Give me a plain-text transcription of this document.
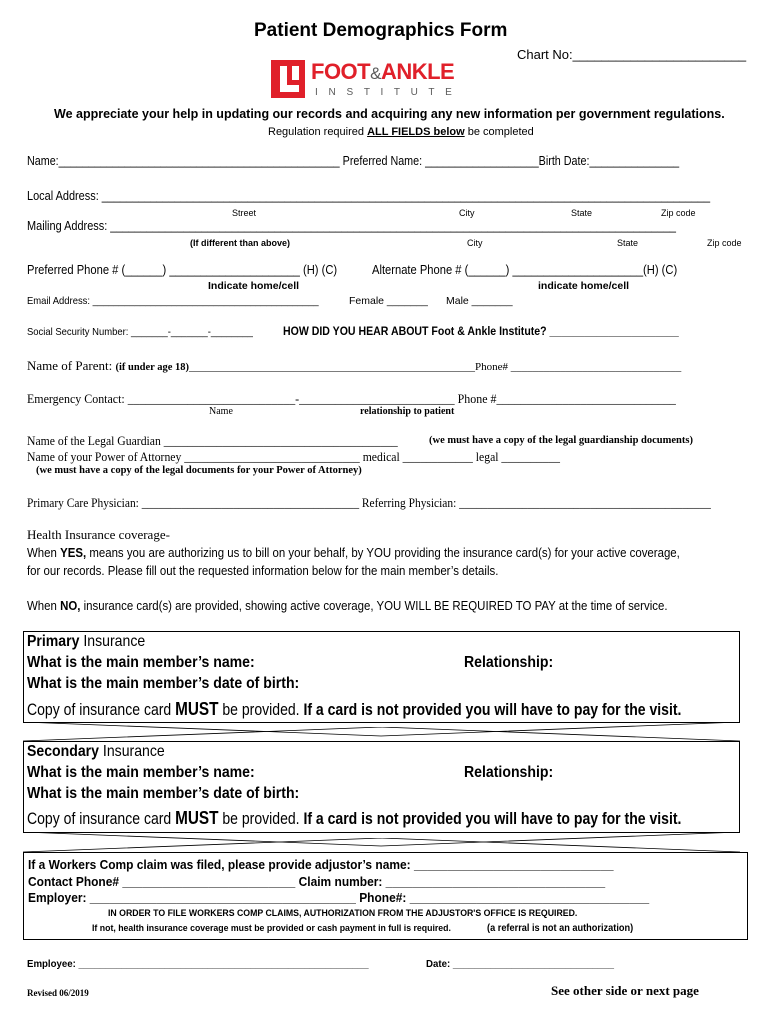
Patient Demographics Form
Chart No:________________________
FOOT&ANKLE
I N S T I T U T E
We appreciate your help in updating our records and acquiring any new information per government regulations.
Regulation required ALL FIELDS below be completed
Name:_______________________________________________ Preferred Name: ___________________Birth Date:_______________
Local Address: ____________________________________________________________________________________________________
Street	City	State	Zip code
Mailing Address: _____________________________________________________________________________________________
(If different than above)	City	State	Zip code
Preferred Phone # (______) _____________________ (H) (C)	Alternate Phone # (______) _____________________(H) (C)
Indicate home/cell	indicate home/cell
Email Address: ___________________________________________	Female _______ Male _______
Social Security Number: _______-_______-________	HOW DID YOU HEAR ABOUT Foot & Ankle Institute? ______________________
Name of Parent: (if under age 18)____________________________________________________Phone# _______________________________
Emergency Contact: ____________________________-__________________________ Phone #______________________________
Name	relationship to patient
Name of the Legal Guardian ________________________________________	(we must have a copy of the legal guardianship documents)
Name of your Power of Attorney ______________________________ medical ____________ legal __________
(we must have a copy of the legal documents for your Power of Attorney)
Primary Care Physician: ______________________________________ Referring Physician: ____________________________________________
Health Insurance coverage-
When YES, means you are authorizing us to bill on your behalf, by YOU providing the insurance card(s) for your active coverage,
for our records. Please fill out the requested information below for the main member’s details.
When NO, insurance card(s) are provided, showing active coverage, YOU WILL BE REQUIRED TO PAY at the time of service.
Primary Insurance
What is the main member’s name:	Relationship:
What is the main member’s date of birth:
Copy of insurance card MUST be provided. If a card is not provided you will have to pay for the visit.
Secondary Insurance
What is the main member’s name:	Relationship:
What is the main member’s date of birth:
Copy of insurance card MUST be provided. If a card is not provided you will have to pay for the visit.
If a Workers Comp claim was filed, please provide adjustor’s name: ______________________________
Contact Phone# __________________________ Claim number: _________________________________
Employer: ________________________________________ Phone#: ____________________________________
IN ORDER TO FILE WORKERS COMP CLAIMS, AUTHORIZATION FROM THE ADJUSTOR'S OFFICE IS REQUIRED.
If not, health insurance coverage must be provided or cash payment in full is required.	(a referral is not an authorization)
Employee: ______________________________________________________	Date: ______________________________
Revised 06/2019	See other side or next page
